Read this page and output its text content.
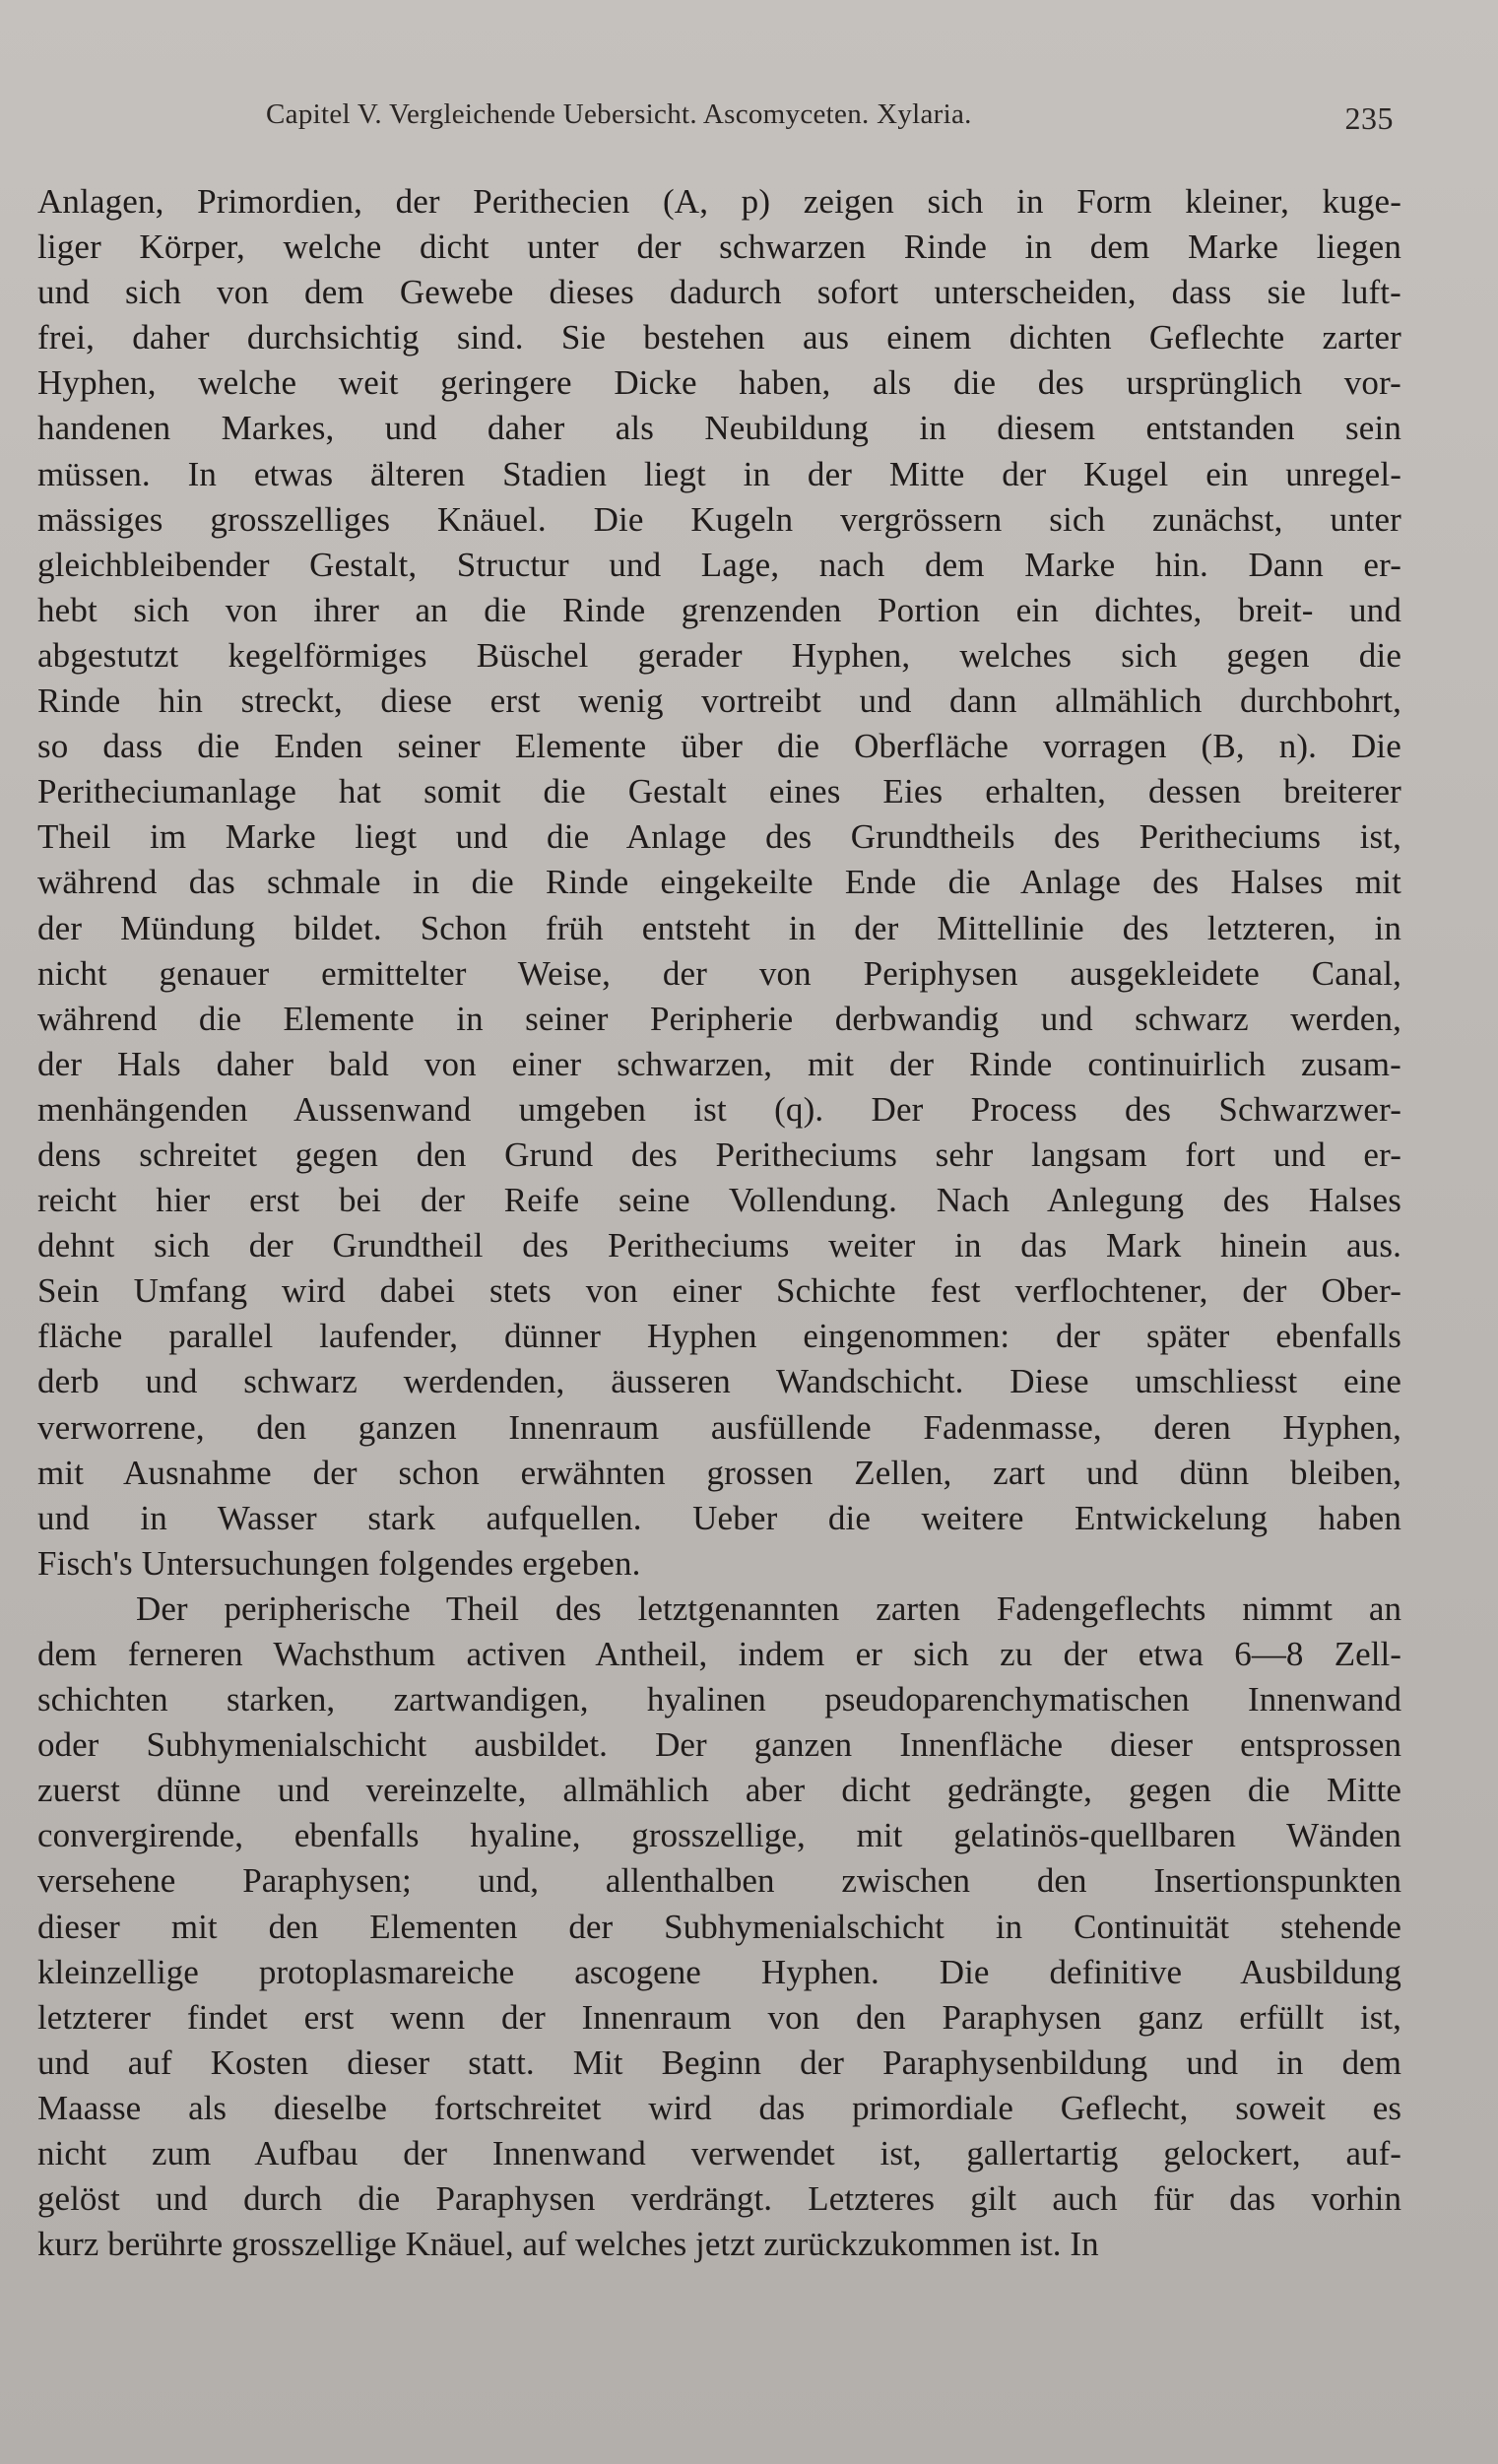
Capitel V. Vergleichende Uebersicht. Ascomyceten. Xylaria.	235
Anlagen, Primordien, der Perithecien (A, p) zeigen sich in Form kleiner, kuge-
liger Körper, welche dicht unter der schwarzen Rinde in dem Marke liegen
und sich von dem Gewebe dieses dadurch sofort unterscheiden, dass sie luft-
frei, daher durchsichtig sind. Sie bestehen aus einem dichten Geflechte zarter
Hyphen, welche weit geringere Dicke haben, als die des ursprünglich vor-
handenen Markes, und daher als Neubildung in diesem entstanden sein
müssen. In etwas älteren Stadien liegt in der Mitte der Kugel ein unregel-
mässiges grosszelliges Knäuel. Die Kugeln vergrössern sich zunächst, unter
gleichbleibender Gestalt, Structur und Lage, nach dem Marke hin. Dann er-
hebt sich von ihrer an die Rinde grenzenden Portion ein dichtes, breit- und
abgestutzt kegelförmiges Büschel gerader Hyphen, welches sich gegen die
Rinde hin streckt, diese erst wenig vortreibt und dann allmählich durchbohrt,
so dass die Enden seiner Elemente über die Oberfläche vorragen (B, n). Die
Peritheciumanlage hat somit die Gestalt eines Eies erhalten, dessen breiterer
Theil im Marke liegt und die Anlage des Grundtheils des Peritheciums ist,
während das schmale in die Rinde eingekeilte Ende die Anlage des Halses mit
der Mündung bildet. Schon früh entsteht in der Mittellinie des letzteren, in
nicht genauer ermittelter Weise, der von Periphysen ausgekleidete Canal,
während die Elemente in seiner Peripherie derbwandig und schwarz werden,
der Hals daher bald von einer schwarzen, mit der Rinde continuirlich zusam-
menhängenden Aussenwand umgeben ist (q). Der Process des Schwarzwer-
dens schreitet gegen den Grund des Peritheciums sehr langsam fort und er-
reicht hier erst bei der Reife seine Vollendung. Nach Anlegung des Halses
dehnt sich der Grundtheil des Peritheciums weiter in das Mark hinein aus.
Sein Umfang wird dabei stets von einer Schichte fest verflochtener, der Ober-
fläche parallel laufender, dünner Hyphen eingenommen: der später ebenfalls
derb und schwarz werdenden, äusseren Wandschicht. Diese umschliesst eine
verworrene, den ganzen Innenraum ausfüllende Fadenmasse, deren Hyphen,
mit Ausnahme der schon erwähnten grossen Zellen, zart und dünn bleiben,
und in Wasser stark aufquellen. Ueber die weitere Entwickelung haben
Fisch's Untersuchungen folgendes ergeben.
Der peripherische Theil des letztgenannten zarten Fadengeflechts nimmt an
dem ferneren Wachsthum activen Antheil, indem er sich zu der etwa 6—8 Zell-
schichten starken, zartwandigen, hyalinen pseudoparenchymatischen Innenwand
oder Subhymenialschicht ausbildet. Der ganzen Innenfläche dieser entsprossen
zuerst dünne und vereinzelte, allmählich aber dicht gedrängte, gegen die Mitte
convergirende, ebenfalls hyaline, grosszellige, mit gelatinös-quellbaren Wänden
versehene Paraphysen; und, allenthalben zwischen den Insertionspunkten
dieser mit den Elementen der Subhymenialschicht in Continuität stehende
kleinzellige protoplasmareiche ascogene Hyphen. Die definitive Ausbildung
letzterer findet erst wenn der Innenraum von den Paraphysen ganz erfüllt ist,
und auf Kosten dieser statt. Mit Beginn der Paraphysenbildung und in dem
Maasse als dieselbe fortschreitet wird das primordiale Geflecht, soweit es
nicht zum Aufbau der Innenwand verwendet ist, gallertartig gelockert, auf-
gelöst und durch die Paraphysen verdrängt. Letzteres gilt auch für das vorhin
kurz berührte grosszellige Knäuel, auf welches jetzt zurückzukommen ist. In
